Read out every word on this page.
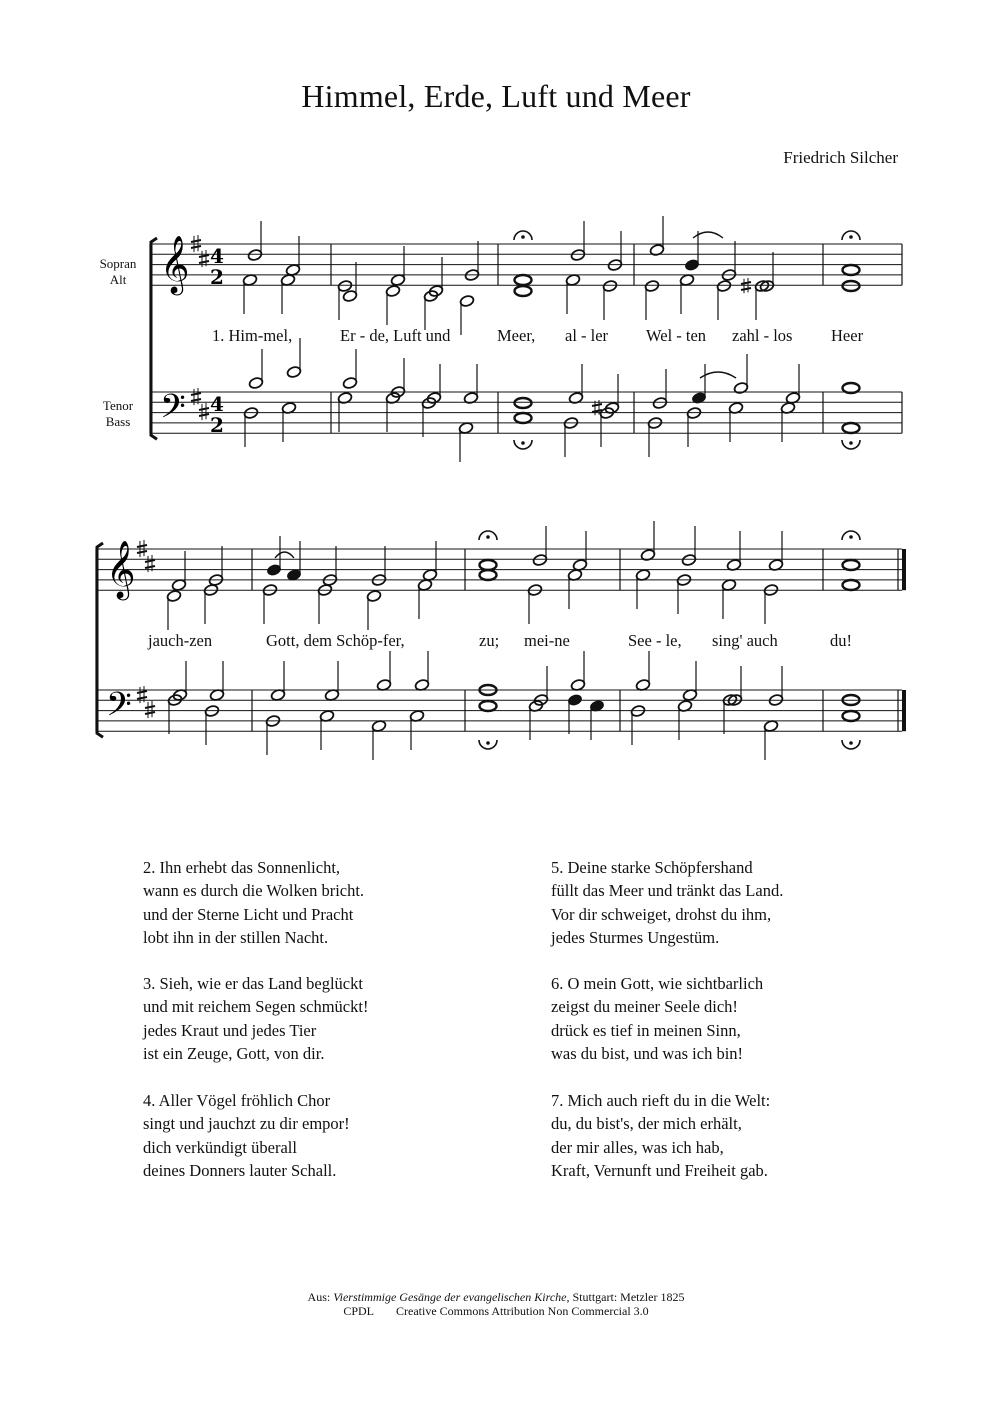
Himmel, Erde, Luft und Meer
Friedrich Silcher
Sopran
Alt
Tenor
Bass
𝄞
𝄢
4
2
4
2
𝄞
𝄢
1. Him-mel,	Er - de, Luft und	Meer, al - ler Wel - ten zahl - los Heer
jauch-zen	Gott, dem Schöp-fer,	zu; mei-ne	See - le, sing' auch	du!
2. Ihn erhebt das Sonnenlicht,
wann es durch die Wolken bricht.
und der Sterne Licht und Pracht
lobt ihn in der stillen Nacht.
3. Sieh, wie er das Land beglückt
und mit reichem Segen schmückt!
jedes Kraut und jedes Tier
ist ein Zeuge, Gott, von dir.
4. Aller Vögel fröhlich Chor
singt und jauchzt zu dir empor!
dich verkündigt überall
deines Donners lauter Schall.
5. Deine starke Schöpfershand
füllt das Meer und tränkt das Land.
Vor dir schweiget, drohst du ihm,
jedes Sturmes Ungestüm.
6. O mein Gott, wie sichtbarlich
zeigst du meiner Seele dich!
drück es tief in meinen Sinn,
was du bist, und was ich bin!
7. Mich auch rieft du in die Welt:
du, du bist's, der mich erhält,
der mir alles, was ich hab,
Kraft, Vernunft und Freiheit gab.
Aus: Vierstimmige Gesänge der evangelischen Kirche, Stuttgart: Metzler 1825
CPDL Creative Commons Attribution Non Commercial 3.0
